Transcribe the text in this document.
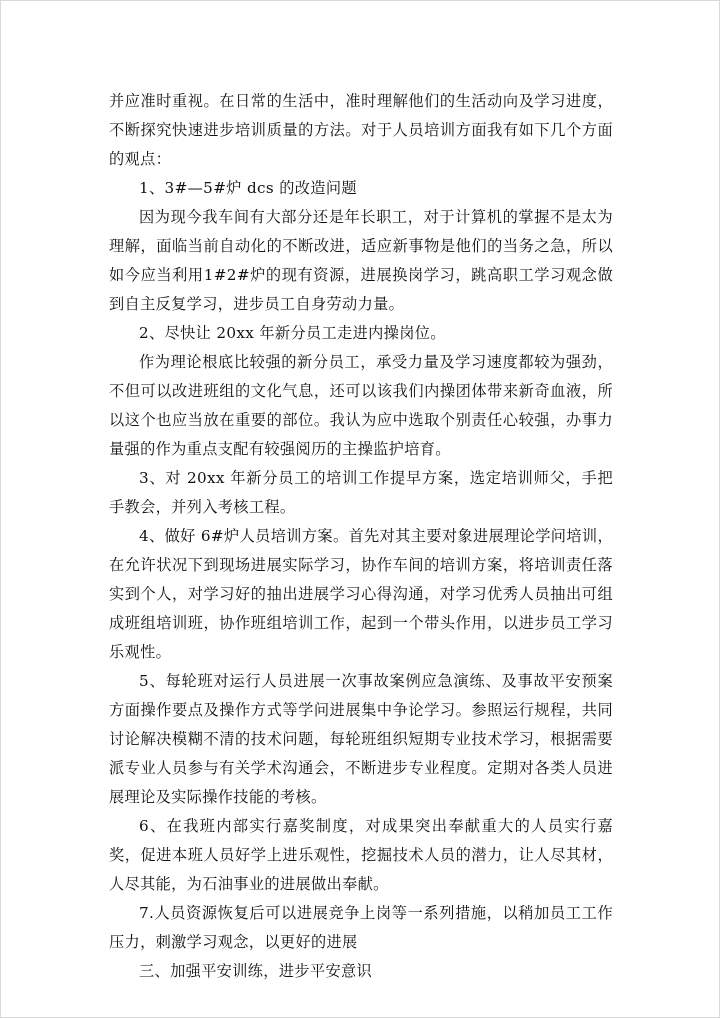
并应准时重视。在日常的生活中，准时理解他们的生活动向及学习进度，不断探究快速进步培训质量的方法。对于人员培训方面我有如下几个方面的观点：

1、3#—5#炉 dcs 的改造问题

因为现今我车间有大部分还是年长职工，对于计算机的掌握不是太为理解，面临当前自动化的不断改进，适应新事物是他们的当务之急，所以如今应当利用1#2#炉的现有资源，进展换岗学习，跳高职工学习观念做到自主反复学习，进步员工自身劳动力量。

2、尽快让 20xx 年新分员工走进内操岗位。

作为理论根底比较强的新分员工，承受力量及学习速度都较为强劲，不但可以改进班组的文化气息，还可以该我们内操团体带来新奇血液，所以这个也应当放在重要的部位。我认为应中选取个别责任心较强，办事力量强的作为重点支配有较强阅历的主操监护培育。

3、对 20xx 年新分员工的培训工作提早方案，选定培训师父，手把手教会，并列入考核工程。

4、做好 6#炉人员培训方案。首先对其主要对象进展理论学问培训，在允许状况下到现场进展实际学习，协作车间的培训方案，将培训责任落实到个人，对学习好的抽出进展学习心得沟通，对学习优秀人员抽出可组成班组培训班，协作班组培训工作，起到一个带头作用，以进步员工学习乐观性。

5、每轮班对运行人员进展一次事故案例应急演练、及事故平安预案方面操作要点及操作方式等学问进展集中争论学习。参照运行规程，共同讨论解决模糊不清的技术问题，每轮班组织短期专业技术学习，根据需要派专业人员参与有关学术沟通会，不断进步专业程度。定期对各类人员进展理论及实际操作技能的考核。

6、在我班内部实行嘉奖制度，对成果突出奉献重大的人员实行嘉奖，促进本班人员好学上进乐观性，挖掘技术人员的潜力，让人尽其材，人尽其能，为石油事业的进展做出奉献。

7.人员资源恢复后可以进展竞争上岗等一系列措施，以稍加员工工作压力，刺激学习观念，以更好的进展

三、加强平安训练，进步平安意识
